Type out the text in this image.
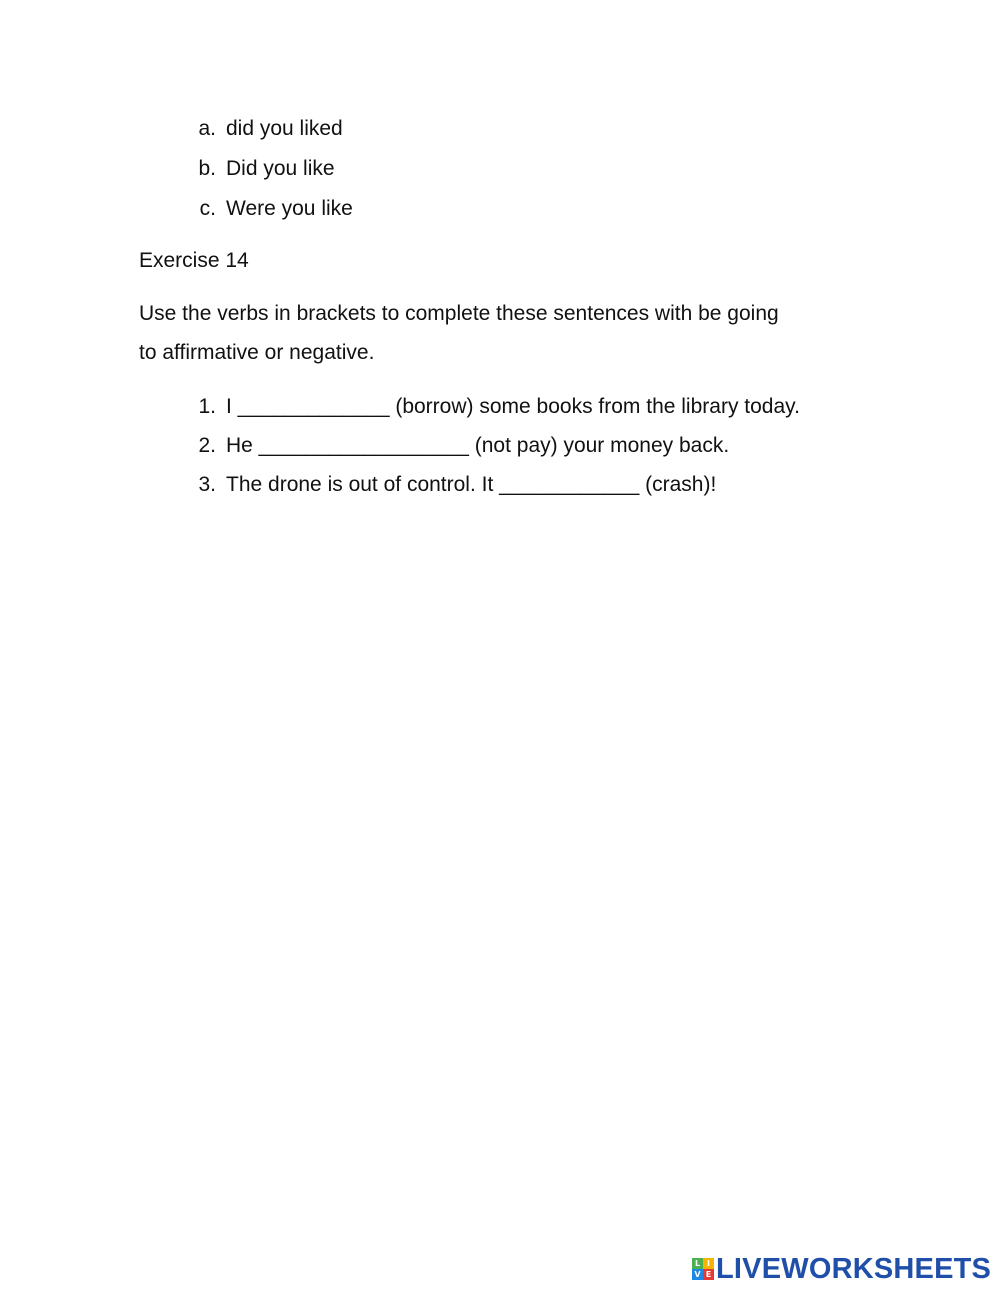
a. did you liked
b. Did you like
c. Were you like
Exercise 14
Use the verbs in brackets to complete these sentences with be going
to affirmative or negative.
1. I _____________ (borrow) some books from the library today.
2. He __________________ (not pay) your money back.
3. The drone is out of control. It ____________ (crash)!
L I
V E LIVEWORKSHEETS
